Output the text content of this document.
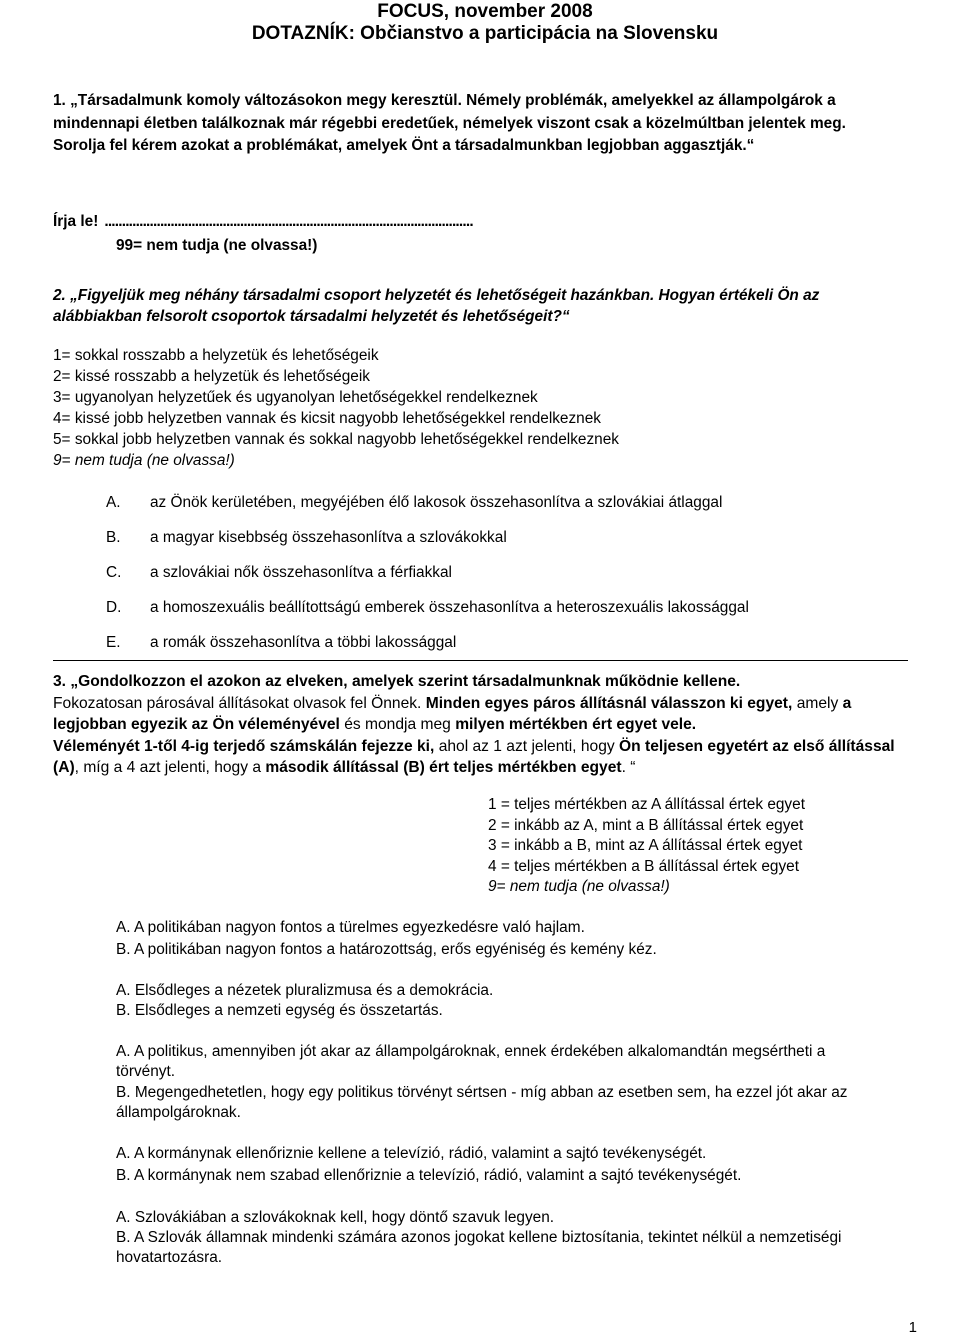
FOCUS, november 2008
DOTAZNÍK: Občianstvo a participácia na Slovensku
1. „Társadalmunk komoly változásokon megy keresztül. Némely problémák, amelyekkel az állampolgárok a mindennapi életben találkoznak már régebbi eredetűek, némelyek viszont csak a közelmúltban jelentek meg. Sorolja fel kérem azokat a problémákat, amelyek Önt a társadalmunkban legjobban aggasztják.“
Írja le! ..........................................................................................................
99= nem tudja (ne olvassa!)
2. „Figyeljük meg néhány társadalmi csoport helyzetét és lehetőségeit hazánkban. Hogyan értékeli Ön az alábbiakban felsorolt csoportok társadalmi helyzetét és lehetőségeit?“
1= sokkal rosszabb a helyzetük és lehetőségeik
2= kissé rosszabb a helyzetük és lehetőségeik
3= ugyanolyan helyzetűek és ugyanolyan lehetőségekkel rendelkeznek
4= kissé jobb helyzetben vannak és kicsit nagyobb lehetőségekkel rendelkeznek
5= sokkal jobb helyzetben vannak és sokkal nagyobb lehetőségekkel rendelkeznek
9= nem tudja (ne olvassa!)
A. az Önök kerületében, megyéjében élő lakosok összehasonlítva a szlovákiai átlaggal
B. a magyar kisebbség összehasonlítva a szlovákokkal
C. a szlovákiai nők összehasonlítva a férfiakkal
D. a homoszexuális beállítottságú emberek összehasonlítva a heteroszexuális lakossággal
E. a romák összehasonlítva a többi lakossággal
3. „Gondolkozzon el azokon az elveken, amelyek szerint társadalmunknak működnie kellene.
Fokozatosan párosával állításokat olvasok fel Önnek. Minden egyes páros állításnál válasszon ki egyet, amely a legjobban egyezik az Ön véleményével és mondja meg milyen mértékben ért egyet vele.
Véleményét 1-től 4-ig terjedő számskálán fejezze ki, ahol az 1 azt jelenti, hogy Ön teljesen egyetért az első állítással (A), míg a 4 azt jelenti, hogy a második állítással (B) ért teljes mértékben egyet. “
1 = teljes mértékben az A állítással értek egyet
2 = inkább az A, mint a B állítással értek egyet
3 = inkább a B, mint az A állítással értek egyet
4 = teljes mértékben a B állítással értek egyet
9= nem tudja (ne olvassa!)
A. A politikában nagyon fontos a türelmes egyezkedésre való hajlam.
B. A politikában nagyon fontos a határozottság, erős egyéniség és kemény kéz.
A. Elsődleges a nézetek pluralizmusa és a demokrácia.
B. Elsődleges a nemzeti egység és összetartás.
A. A politikus, amennyiben jót akar az állampolgároknak, ennek érdekében alkalomandtán megsértheti a törvényt.
B. Megengedhetetlen, hogy egy politikus törvényt sértsen - míg abban az esetben sem, ha ezzel jót akar az állampolgároknak.
A. A kormánynak ellenőriznie kellene a televízió, rádió, valamint a sajtó tevékenységét.
B. A kormánynak nem szabad ellenőriznie a televízió, rádió, valamint a sajtó tevékenységét.
A. Szlovákiában a szlovákoknak kell, hogy döntő szavuk legyen.
B. A Szlovák államnak mindenki számára azonos jogokat kellene biztosítania, tekintet nélkül a nemzetiségi hovatartozásra.
1
